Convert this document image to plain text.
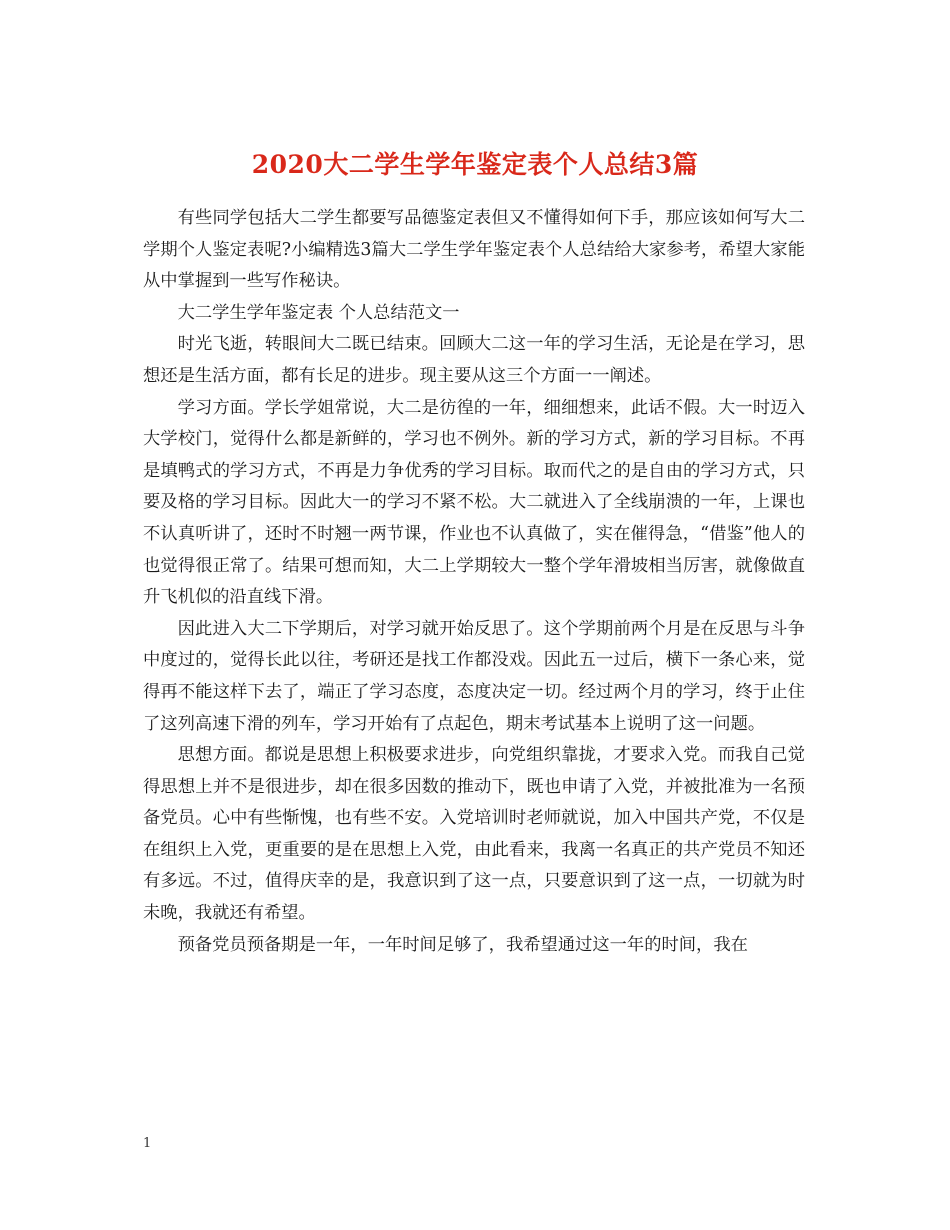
2020大二学生学年鉴定表个人总结3篇

有些同学包括大二学生都要写品德鉴定表但又不懂得如何下手，那应该如何写大二学期个人鉴定表呢?小编精选3篇大二学生学年鉴定表个人总结给大家参考，希望大家能从中掌握到一些写作秘诀。

大二学生学年鉴定表 个人总结范文一

时光飞逝，转眼间大二既已结束。回顾大二这一年的学习生活，无论是在学习，思想还是生活方面，都有长足的进步。现主要从这三个方面一一阐述。

学习方面。学长学姐常说，大二是彷徨的一年，细细想来，此话不假。大一时迈入大学校门，觉得什么都是新鲜的，学习也不例外。新的学习方式，新的学习目标。不再是填鸭式的学习方式，不再是力争优秀的学习目标。取而代之的是自由的学习方式，只要及格的学习目标。因此大一的学习不紧不松。大二就进入了全线崩溃的一年，上课也不认真听讲了，还时不时翘一两节课，作业也不认真做了，实在催得急，“借鉴”他人的也觉得很正常了。结果可想而知，大二上学期较大一整个学年滑坡相当厉害，就像做直升飞机似的沿直线下滑。

因此进入大二下学期后，对学习就开始反思了。这个学期前两个月是在反思与斗争中度过的，觉得长此以往，考研还是找工作都没戏。因此五一过后，横下一条心来，觉得再不能这样下去了，端正了学习态度，态度决定一切。经过两个月的学习，终于止住了这列高速下滑的列车，学习开始有了点起色，期末考试基本上说明了这一问题。

思想方面。都说是思想上积极要求进步，向党组织靠拢，才要求入党。而我自己觉得思想上并不是很进步，却在很多因数的推动下，既也申请了入党，并被批准为一名预备党员。心中有些惭愧，也有些不安。入党培训时老师就说，加入中国共产党，不仅是在组织上入党，更重要的是在思想上入党，由此看来，我离一名真正的共产党员不知还有多远。不过，值得庆幸的是，我意识到了这一点，只要意识到了这一点，一切就为时未晚，我就还有希望。

预备党员预备期是一年，一年时间足够了，我希望通过这一年的时间，我在

1
